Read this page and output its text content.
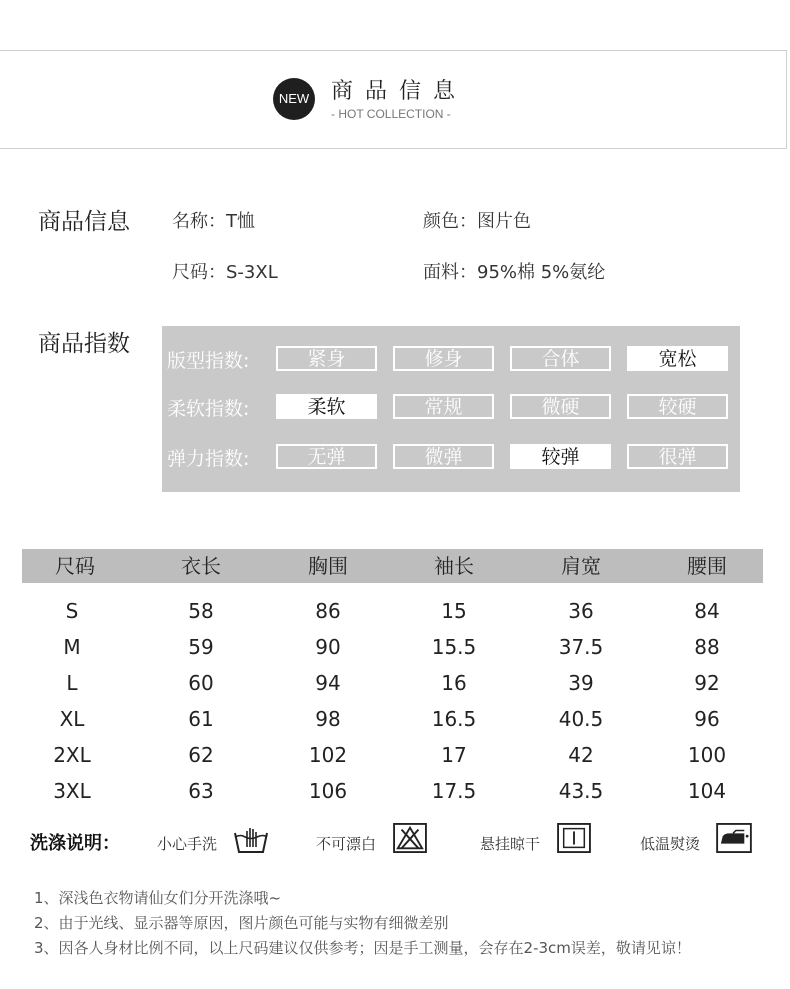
NEW 商品信息
- HOT COLLECTION -
商品信息 名称：T恤	颜色：图片色
尺码：S-3XL	面料：95%棉 5%氨纶
商品指数
版型指数:	紧身	修身	合体	宽松
柔软指数:	柔软	常规	微硬	较硬
弹力指数:	无弹	微弹	较弹	很弹
尺码	衣长	胸围	袖长	肩宽	腰围
S	58	86	15	36	84
M	59	90	15.5	37.5	88
L	60	94	16	39	92
XL	61	98	16.5	40.5	96
2XL	62	102	17	42	100
3XL	63	106	17.5	43.5	104
洗涤说明： 小心手洗	不可漂白	悬挂晾干	低温熨烫
1、深浅色衣物请仙女们分开洗涤哦~
2、由于光线、显示器等原因，图片颜色可能与实物有细微差别
3、因各人身材比例不同，以上尺码建议仅供参考；因是手工测量，会存在2-3cm误差，敬请见谅！
